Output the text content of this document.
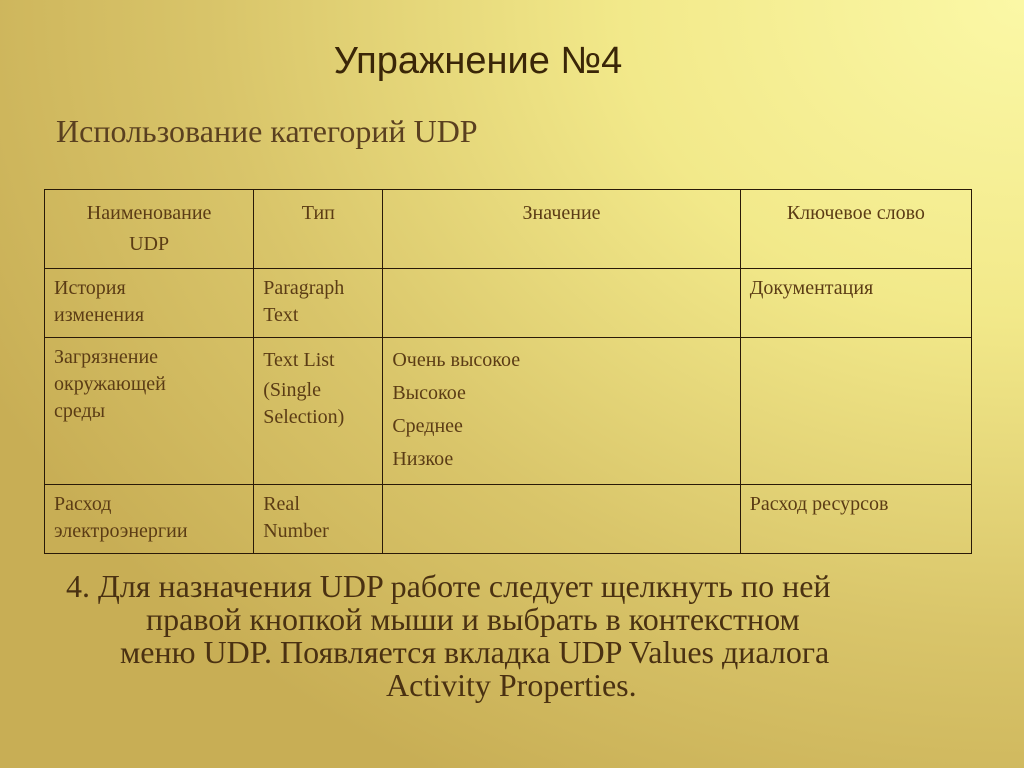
Упражнение №4
Использование категорий UDP
Наименование
UDP	Тип	Значение	Ключевое слово

История
изменения	Paragraph
Text		Документация

Загрязнение
окружающей
среды	Text List
(Single
Selection)	Очень высокое
Высокое
Среднее
Низкое	

Расход
электроэнергии	Real
Number		Расход ресурсов
4. Для назначения UDP работе следует щелкнуть по ней
правой кнопкой мыши и выбрать в контекстном
меню UDP. Появляется вкладка UDP Values диалога
Activity Properties.
